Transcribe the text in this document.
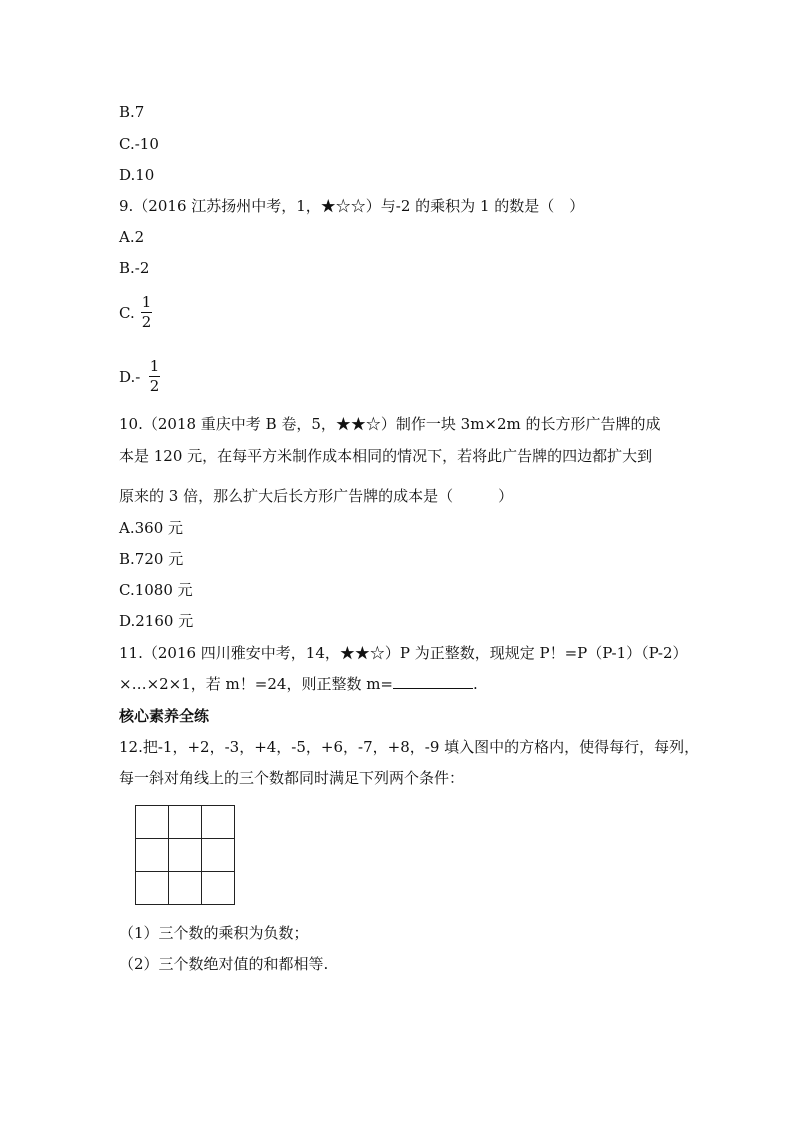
B.7
C.-10
D.10
9.（2016 江苏扬州中考，1，★☆☆）与-2 的乘积为 1 的数是（　）
A.2
B.-2
C.
1
2
D.-
1
2
10.（2018 重庆中考 B 卷，5，★★☆）制作一块 3m×2m 的长方形广告牌的成
本是 120 元，在每平方米制作成本相同的情况下，若将此广告牌的四边都扩大到
原来的 3 倍，那么扩大后长方形广告牌的成本是（　　　）
A.360 元
B.720 元
C.1080 元
D.2160 元
11.（2016 四川雅安中考，14，★★☆）P 为正整数，现规定 P！=P（P-1）（P-2）
×…×2×1，若 m！=24，则正整数 m=	.
核心素养全练
12.把-1，+2，-3，+4，-5，+6，-7，+8，-9 填入图中的方格内，使得每行，每列，
每一斜对角线上的三个数都同时满足下列两个条件：

（1）三个数的乘积为负数；
（2）三个数绝对值的和都相等.
